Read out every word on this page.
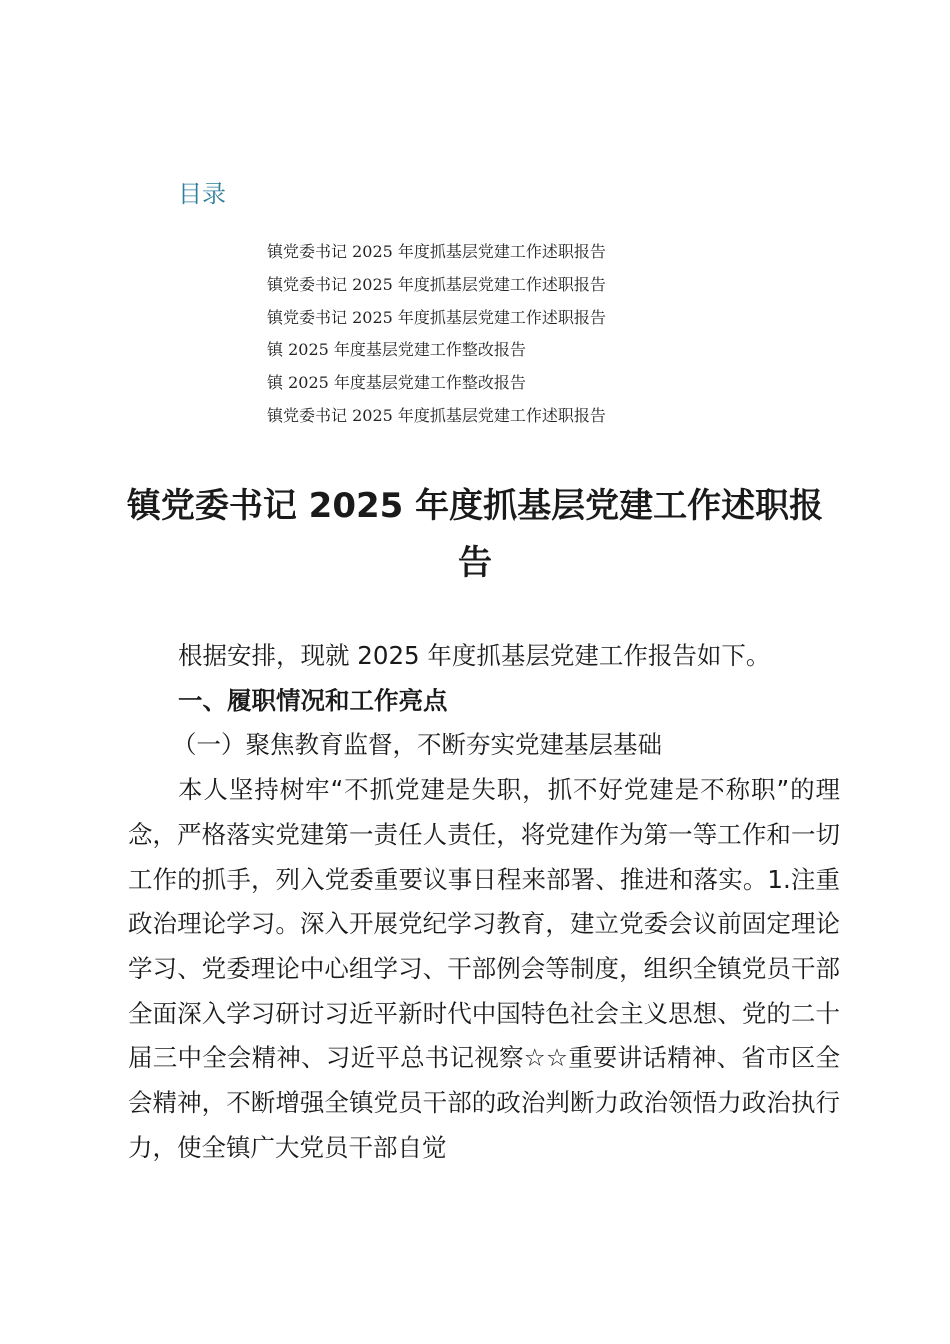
目录
镇党委书记 2025 年度抓基层党建工作述职报告
镇党委书记 2025 年度抓基层党建工作述职报告
镇党委书记 2025 年度抓基层党建工作述职报告
镇 2025 年度基层党建工作整改报告
镇 2025 年度基层党建工作整改报告
镇党委书记 2025 年度抓基层党建工作述职报告
镇党委书记 2025 年度抓基层党建工作述职报告

根据安排，现就 2025 年度抓基层党建工作报告如下。

一、履职情况和工作亮点

（一）聚焦教育监督，不断夯实党建基层基础

本人坚持树牢“不抓党建是失职，抓不好党建是不称职”的理念，严格落实党建第一责任人责任，将党建作为第一等工作和一切工作的抓手，列入党委重要议事日程来部署、推进和落实。1.注重政治理论学习。深入开展党纪学习教育，建立党委会议前固定理论学习、党委理论中心组学习、干部例会等制度，组织全镇党员干部全面深入学习研讨习近平新时代中国特色社会主义思想、党的二十届三中全会精神、习近平总书记视察☆☆重要讲话精神、省市区全会精神，不断增强全镇党员干部的政治判断力政治领悟力政治执行力，使全镇广大党员干部自觉
